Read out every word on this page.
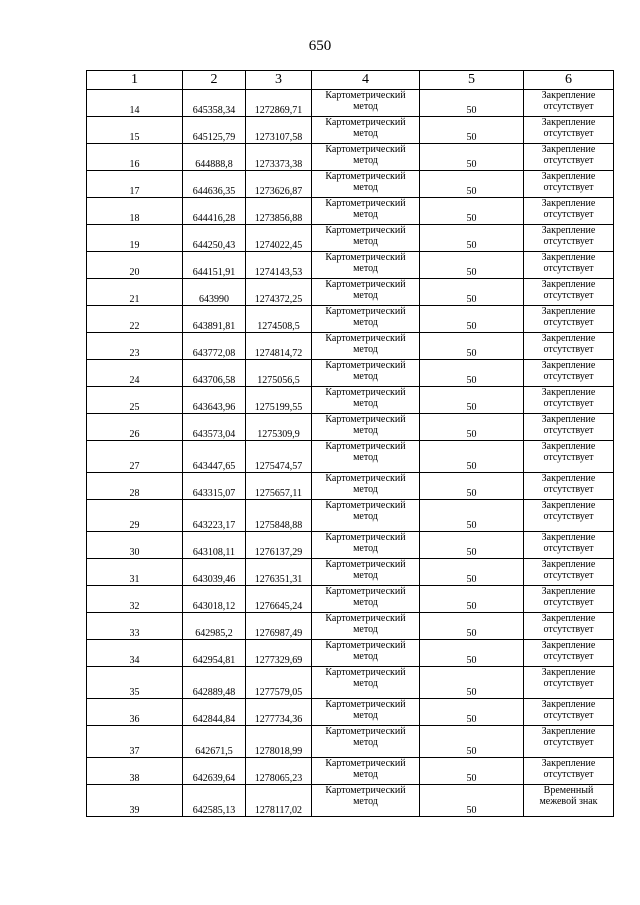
650
1	2	3	4	5	6
14	645358,34	1272869,71	Картометрический метод	50	Закрепление отсутствует
15	645125,79	1273107,58	Картометрический метод	50	Закрепление отсутствует
16	644888,8	1273373,38	Картометрический метод	50	Закрепление отсутствует
17	644636,35	1273626,87	Картометрический метод	50	Закрепление отсутствует
18	644416,28	1273856,88	Картометрический метод	50	Закрепление отсутствует
19	644250,43	1274022,45	Картометрический метод	50	Закрепление отсутствует
20	644151,91	1274143,53	Картометрический метод	50	Закрепление отсутствует
21	643990	1274372,25	Картометрический метод	50	Закрепление отсутствует
22	643891,81	1274508,5	Картометрический метод	50	Закрепление отсутствует
23	643772,08	1274814,72	Картометрический метод	50	Закрепление отсутствует
24	643706,58	1275056,5	Картометрический метод	50	Закрепление отсутствует
25	643643,96	1275199,55	Картометрический метод	50	Закрепление отсутствует
26	643573,04	1275309,9	Картометрический метод	50	Закрепление отсутствует
27	643447,65	1275474,57	Картометрический метод	50	Закрепление отсутствует
28	643315,07	1275657,11	Картометрический метод	50	Закрепление отсутствует
29	643223,17	1275848,88	Картометрический метод	50	Закрепление отсутствует
30	643108,11	1276137,29	Картометрический метод	50	Закрепление отсутствует
31	643039,46	1276351,31	Картометрический метод	50	Закрепление отсутствует
32	643018,12	1276645,24	Картометрический метод	50	Закрепление отсутствует
33	642985,2	1276987,49	Картометрический метод	50	Закрепление отсутствует
34	642954,81	1277329,69	Картометрический метод	50	Закрепление отсутствует
35	642889,48	1277579,05	Картометрический метод	50	Закрепление отсутствует
36	642844,84	1277734,36	Картометрический метод	50	Закрепление отсутствует
37	642671,5	1278018,99	Картометрический метод	50	Закрепление отсутствует
38	642639,64	1278065,23	Картометрический метод	50	Закрепление отсутствует
39	642585,13	1278117,02	Картометрический метод	50	Временный межевой знак
